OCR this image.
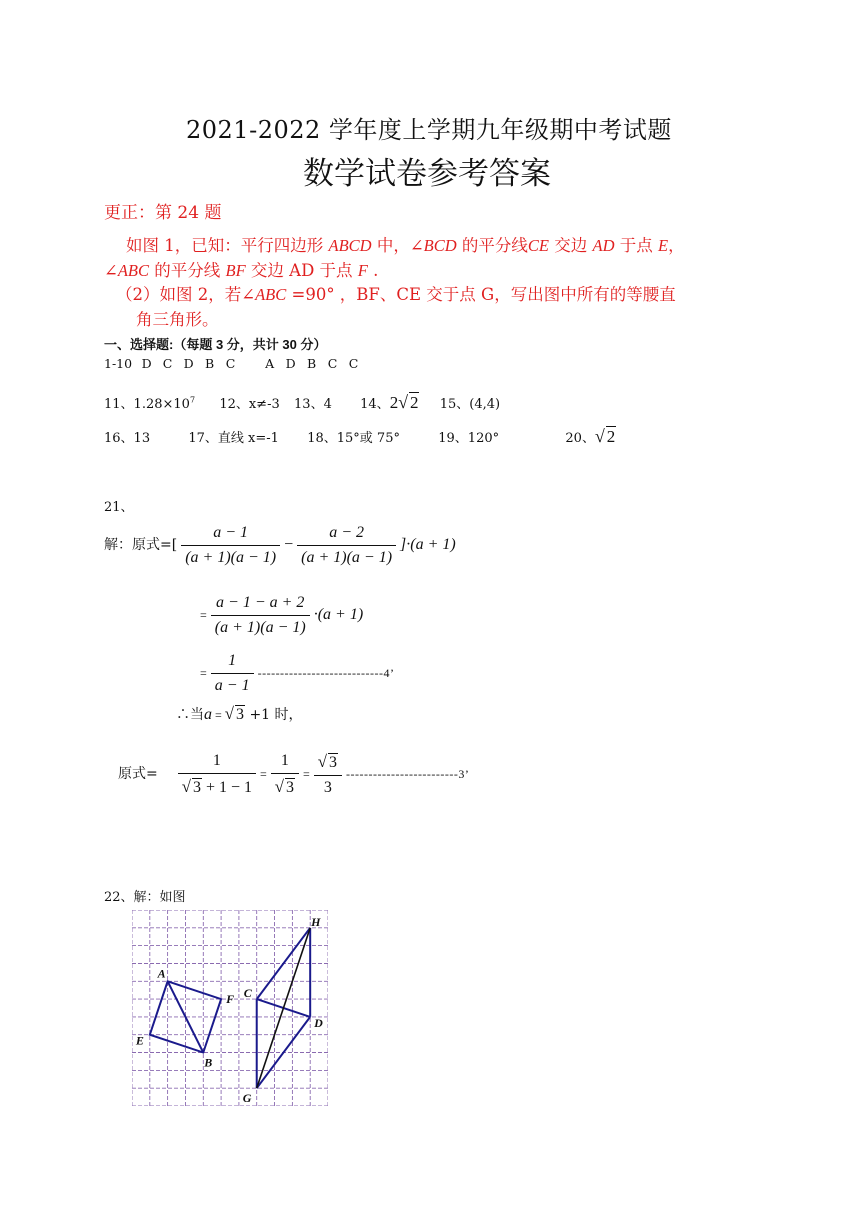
2021-2022 学年度上学期九年级期中考试题
数学试卷参考答案
更正：第 24 题
如图 1，已知：平行四边形 ABCD 中，∠BCD 的平分线CE 交边 AD 于点 E，
∠ABC 的平分线 BF 交边 AD 于点 F .
（2）如图 2，若∠ABC =90° ，BF、CE 交于点 G，写出图中所有的等腰直
角三角形。
一、选择题:（每题 3 分，共计 30 分）
1-10 D C D B C A D B C C
11、$1.28\times 10^7$ 12、x≠-3 13、4 14、2√ 2 15、(4,4)
16、13	17、直线 x=-1 18、15°或 75°	19、120°	20、√ 2
21、
解：原式=[ $\frac{a - 1}{(a + 1)(a - 1)} - \frac{a - 2}{(a + 1)(a - 1)} ]\cdot(a + 1)$
= $\frac{a - 1 - a + 2}{(a + 1)(a - 1)} \cdot(a + 1)$
= $\frac{1}{a - 1} ----------------------------4$’
∴当a = √ 3 +1 时，
原式= $\frac{1}{√ 3 + 1 - 1} = \frac{1}{√ 3} = \frac{√ 3}{3} -------------------------3$’
22、解：如图
A
F
E
B
C
D
H
G
